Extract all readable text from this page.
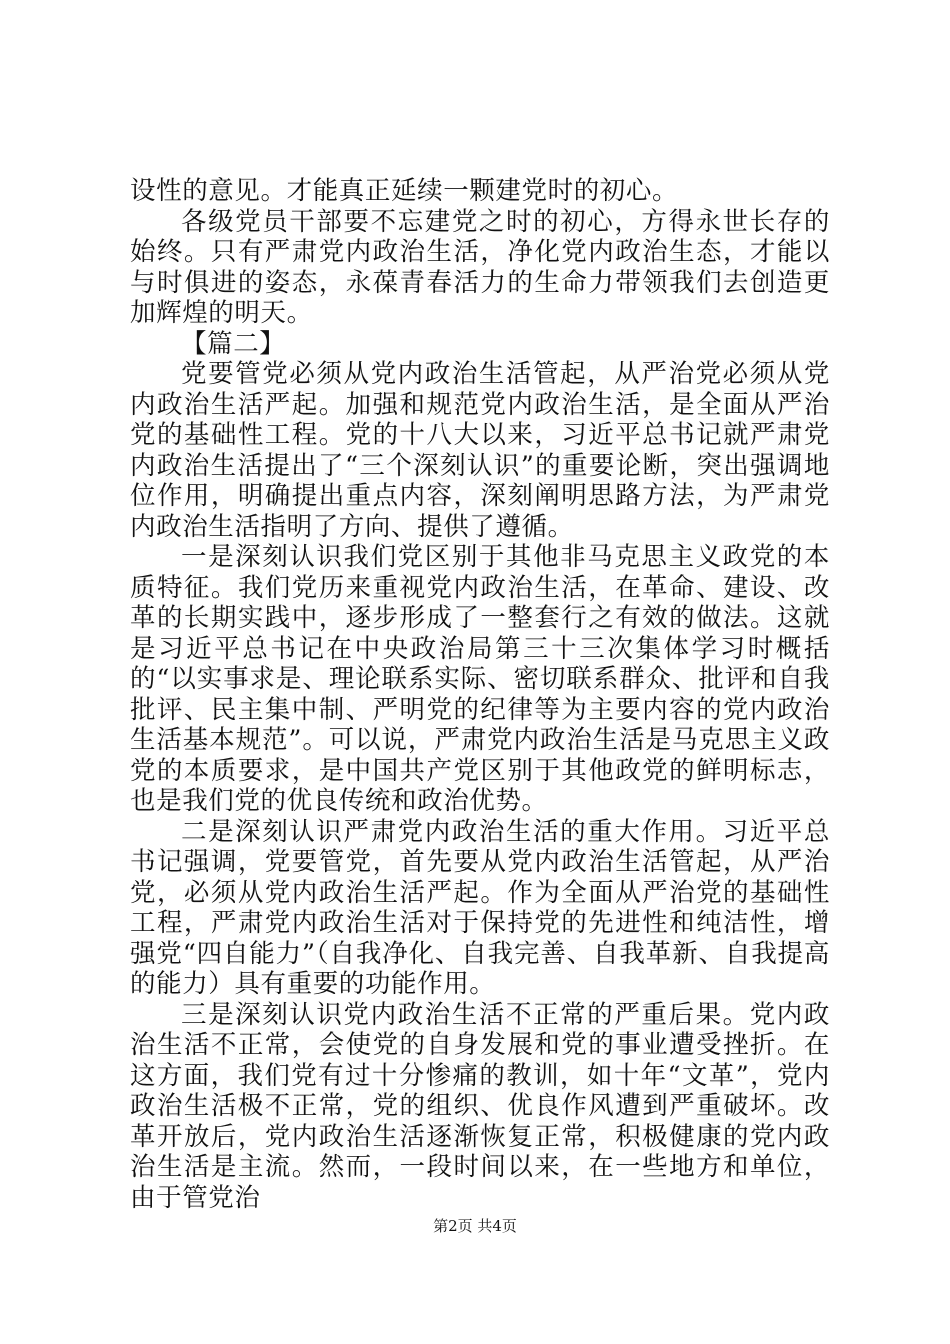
设性的意见。才能真正延续一颗建党时的初心。

各级党员干部要不忘建党之时的初心，方得永世长存的始终。只有严肃党内政治生活，净化党内政治生态，才能以与时俱进的姿态，永葆青春活力的生命力带领我们去创造更加辉煌的明天。

【篇二】

党要管党必须从党内政治生活管起，从严治党必须从党内政治生活严起。加强和规范党内政治生活，是全面从严治党的基础性工程。党的十八大以来，习近平总书记就严肃党内政治生活提出了“三个深刻认识”的重要论断，突出强调地位作用，明确提出重点内容，深刻阐明思路方法，为严肃党内政治生活指明了方向、提供了遵循。

一是深刻认识我们党区别于其他非马克思主义政党的本质特征。我们党历来重视党内政治生活，在革命、建设、改革的长期实践中，逐步形成了一整套行之有效的做法。这就是习近平总书记在中央政治局第三十三次集体学习时概括的“以实事求是、理论联系实际、密切联系群众、批评和自我批评、民主集中制、严明党的纪律等为主要内容的党内政治生活基本规范”。可以说，严肃党内政治生活是马克思主义政党的本质要求，是中国共产党区别于其他政党的鲜明标志，也是我们党的优良传统和政治优势。

二是深刻认识严肃党内政治生活的重大作用。习近平总书记强调，党要管党，首先要从党内政治生活管起，从严治党，必须从党内政治生活严起。作为全面从严治党的基础性工程，严肃党内政治生活对于保持党的先进性和纯洁性，增强党“四自能力”（自我净化、自我完善、自我革新、自我提高的能力）具有重要的功能作用。

三是深刻认识党内政治生活不正常的严重后果。党内政治生活不正常，会使党的自身发展和党的事业遭受挫折。在这方面，我们党有过十分惨痛的教训，如十年“文革”，党内政治生活极不正常，党的组织、优良作风遭到严重破坏。改革开放后，党内政治生活逐渐恢复正常，积极健康的党内政治生活是主流。然而，一段时间以来，在一些地方和单位，由于管党治

第2页 共4页
